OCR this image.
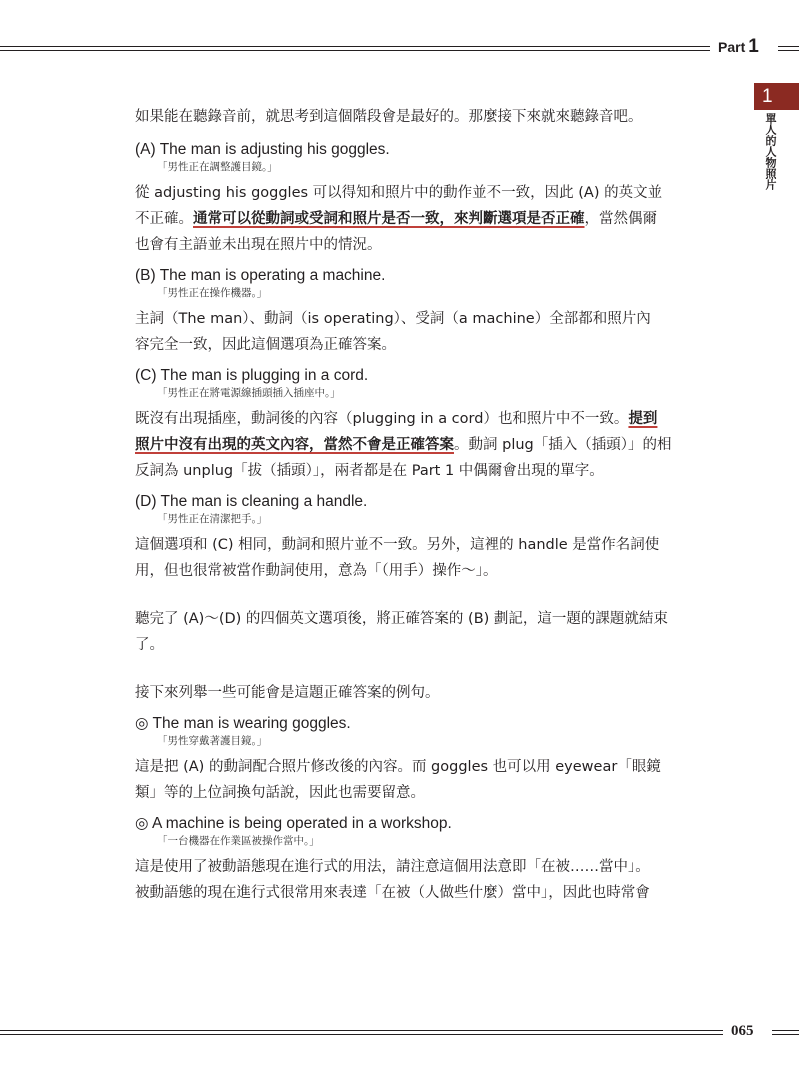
Part 1
1
單人的人物照片

如果能在聽錄音前，就思考到這個階段會是最好的。那麼接下來就來聽錄音吧。

(A) The man is adjusting his goggles.

「男性正在調整護目鏡。」

從 adjusting his goggles 可以得知和照片中的動作並不一致，因此 (A) 的英文並

不正確。通常可以從動詞或受詞和照片是否一致，來判斷選項是否正確，當然偶爾

也會有主語並未出現在照片中的情況。

(B) The man is operating a machine.

「男性正在操作機器。」

主詞（The man）、動詞（is operating）、受詞（a machine）全部都和照片內

容完全一致，因此這個選項為正確答案。

(C) The man is plugging in a cord.

「男性正在將電源線插頭插入插座中。」

既沒有出現插座，動詞後的內容（plugging in a cord）也和照片中不一致。提到

照片中沒有出現的英文內容，當然不會是正確答案。動詞 plug「插入（插頭）」的相

反詞為 unplug「拔（插頭）」，兩者都是在 Part 1 中偶爾會出現的單字。

(D) The man is cleaning a handle.

「男性正在清潔把手。」

這個選項和 (C) 相同，動詞和照片並不一致。另外，這裡的 handle 是當作名詞使

用，但也很常被當作動詞使用，意為「（用手）操作～」。

聽完了 (A)～(D) 的四個英文選項後，將正確答案的 (B) 劃記，這一題的課題就結束

了。

接下來列舉一些可能會是這題正確答案的例句。

◎ The man is wearing goggles.

「男性穿戴著護目鏡。」

這是把 (A) 的動詞配合照片修改後的內容。而 goggles 也可以用 eyewear「眼鏡

類」等的上位詞換句話說，因此也需要留意。

◎ A machine is being operated in a workshop.

「一台機器在作業區被操作當中。」

這是使用了被動語態現在進行式的用法，請注意這個用法意即「在被……當中」。

被動語態的現在進行式很常用來表達「在被（人做些什麼）當中」，因此也時常會

065
